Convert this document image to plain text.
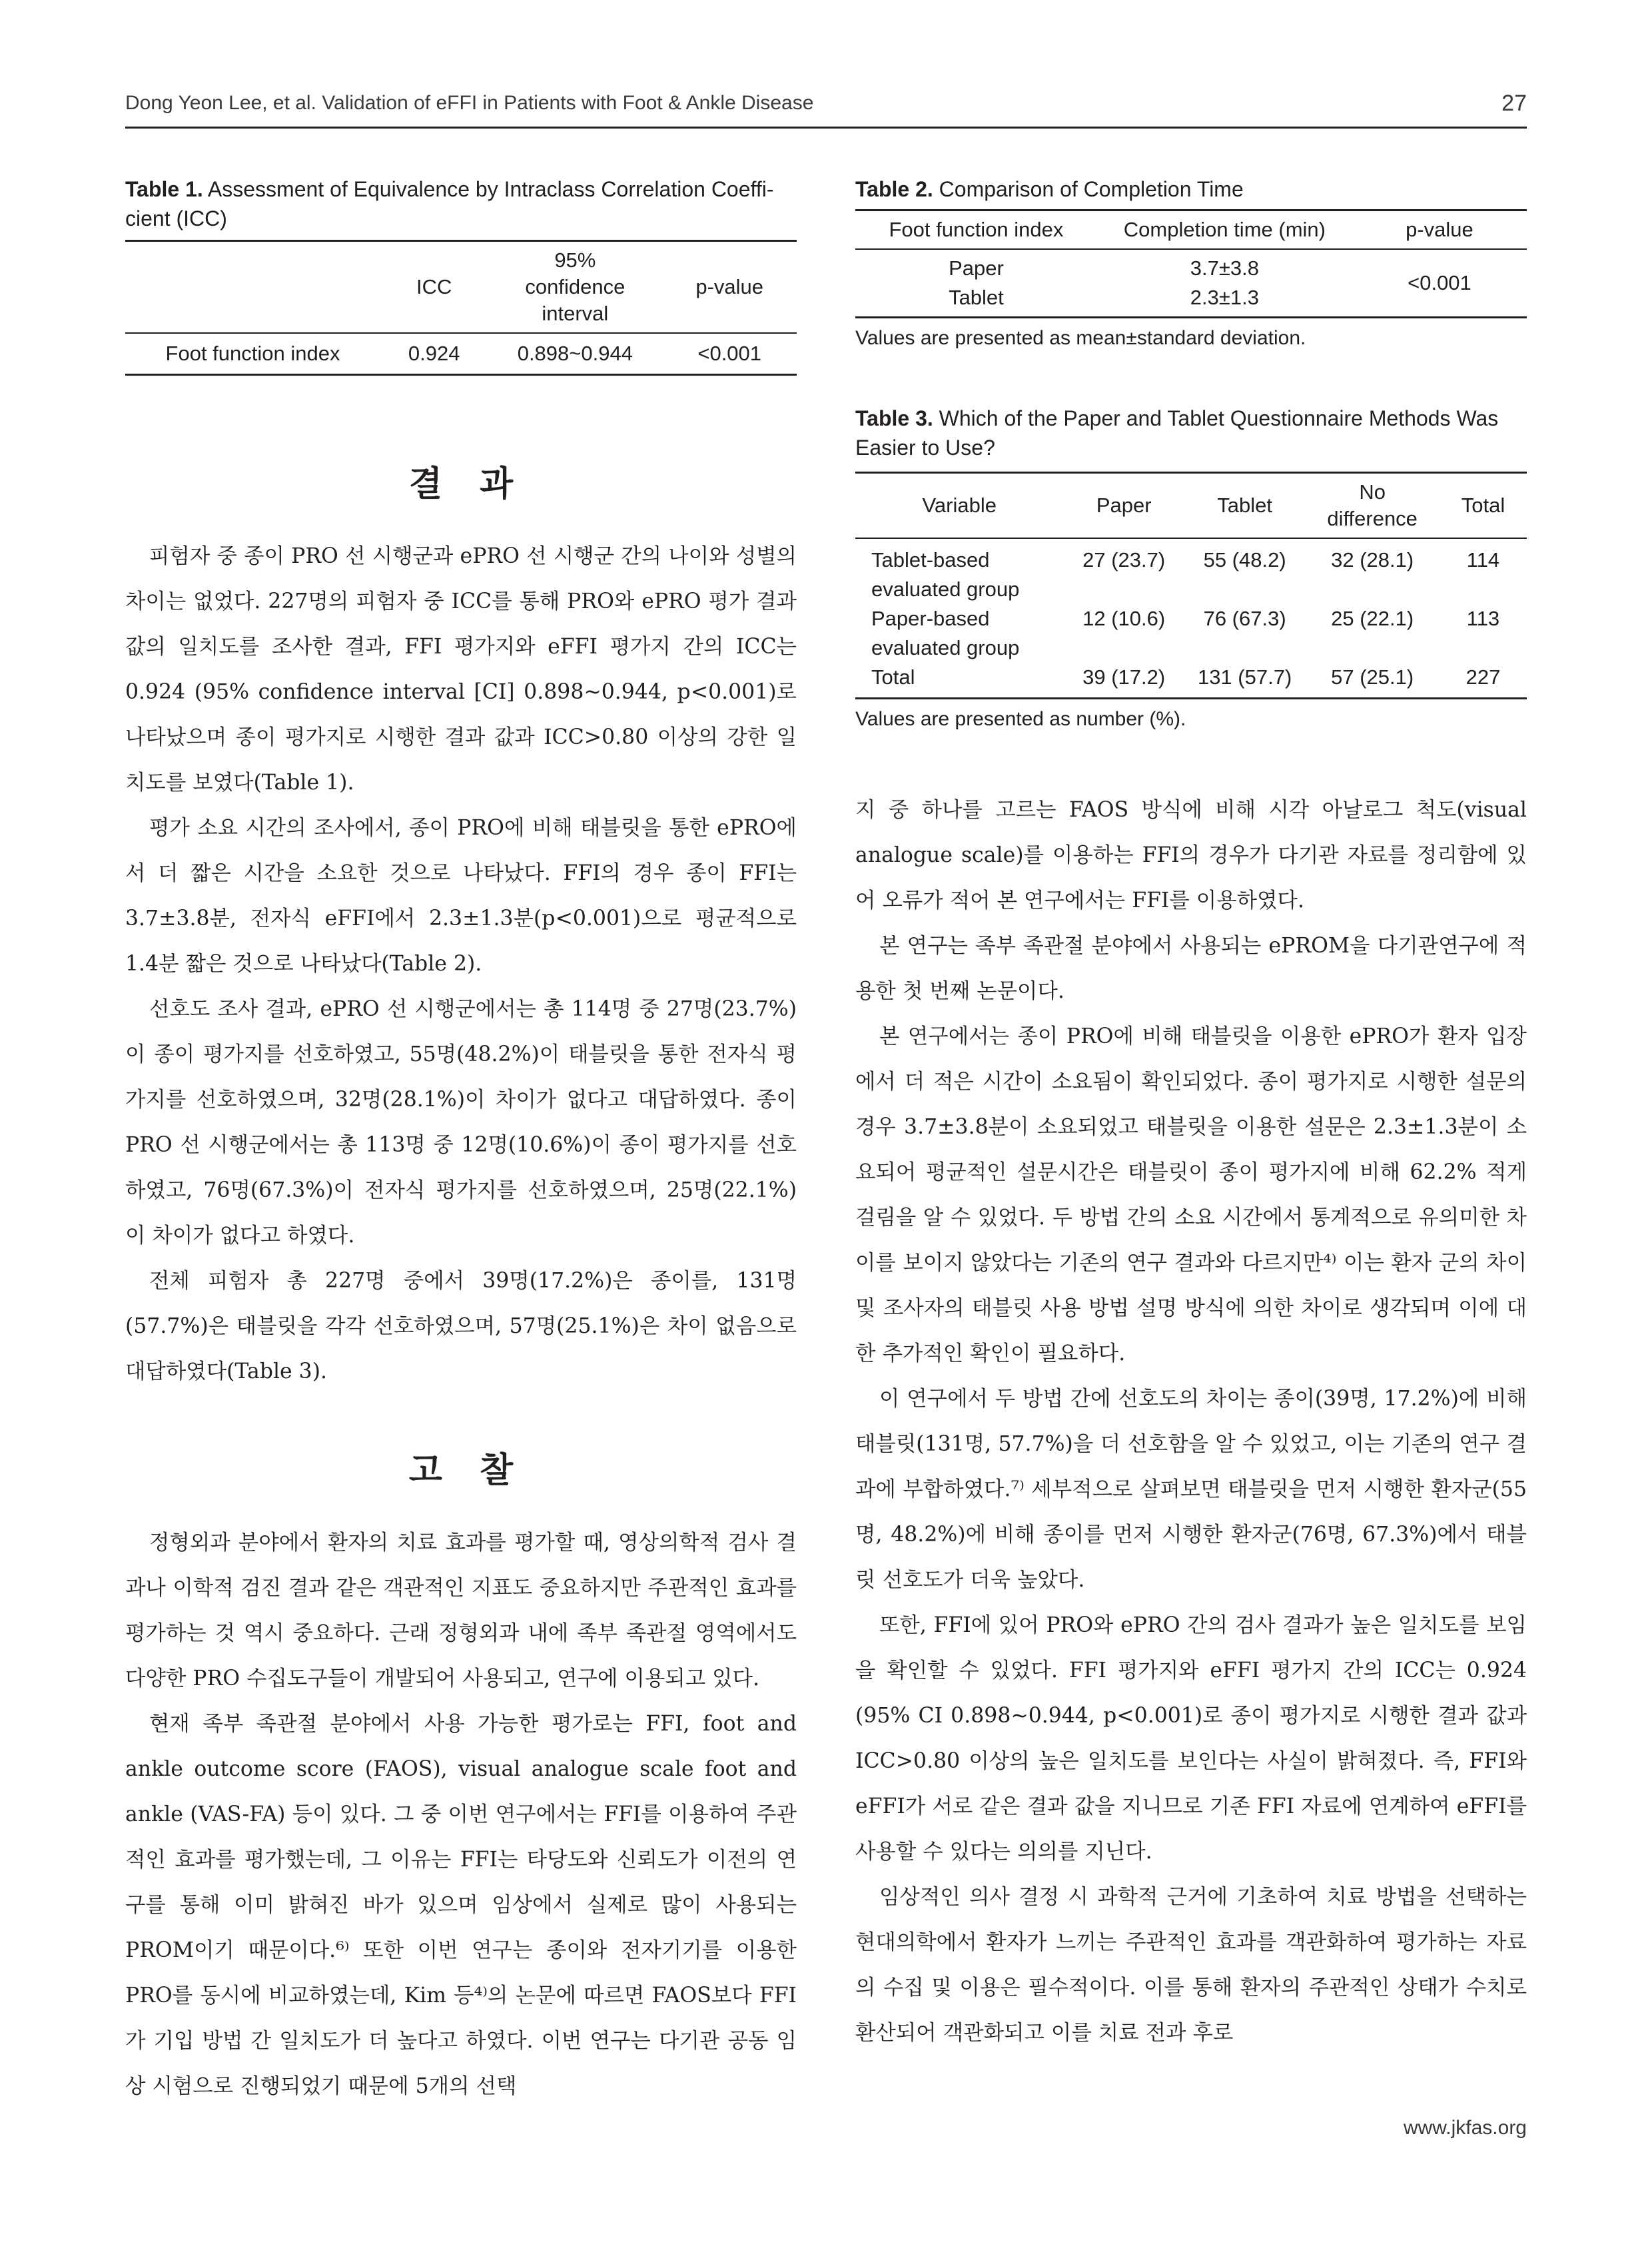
Dong Yeon Lee, et al. Validation of eFFI in Patients with Foot & Ankle Disease	27
Table 1. Assessment of Equivalence by Intraclass Correlation Coeffi-cient (ICC)
	ICC	95% confidence interval	p-value
Foot function index	0.924	0.898~0.944	<0.001
결 과

피험자 중 종이 PRO 선 시행군과 ePRO 선 시행군 간의 나이와 성별의 차이는 없었다. 227명의 피험자 중 ICC를 통해 PRO와 ePRO 평가 결과 값의 일치도를 조사한 결과, FFI 평가지와 eFFI 평가지 간의 ICC는 0.924 (95% confidence interval [CI] 0.898~0.944, p<0.001)로 나타났으며 종이 평가지로 시행한 결과 값과 ICC>0.80 이상의 강한 일치도를 보였다(Table 1).

평가 소요 시간의 조사에서, 종이 PRO에 비해 태블릿을 통한 ePRO에서 더 짧은 시간을 소요한 것으로 나타났다. FFI의 경우 종이 FFI는 3.7±3.8분, 전자식 eFFI에서 2.3±1.3분(p<0.001)으로 평균적으로 1.4분 짧은 것으로 나타났다(Table 2).

선호도 조사 결과, ePRO 선 시행군에서는 총 114명 중 27명(23.7%)이 종이 평가지를 선호하였고, 55명(48.2%)이 태블릿을 통한 전자식 평가지를 선호하였으며, 32명(28.1%)이 차이가 없다고 대답하였다. 종이 PRO 선 시행군에서는 총 113명 중 12명(10.6%)이 종이 평가지를 선호하였고, 76명(67.3%)이 전자식 평가지를 선호하였으며, 25명(22.1%)이 차이가 없다고 하였다.

전체 피험자 총 227명 중에서 39명(17.2%)은 종이를, 131명(57.7%)은 태블릿을 각각 선호하였으며, 57명(25.1%)은 차이 없음으로 대답하였다(Table 3).

고 찰

정형외과 분야에서 환자의 치료 효과를 평가할 때, 영상의학적 검사 결과나 이학적 검진 결과 같은 객관적인 지표도 중요하지만 주관적인 효과를 평가하는 것 역시 중요하다. 근래 정형외과 내에 족부 족관절 영역에서도 다양한 PRO 수집도구들이 개발되어 사용되고, 연구에 이용되고 있다.

현재 족부 족관절 분야에서 사용 가능한 평가로는 FFI, foot and ankle outcome score (FAOS), visual analogue scale foot and ankle (VAS-FA) 등이 있다. 그 중 이번 연구에서는 FFI를 이용하여 주관적인 효과를 평가했는데, 그 이유는 FFI는 타당도와 신뢰도가 이전의 연구를 통해 이미 밝혀진 바가 있으며 임상에서 실제로 많이 사용되는 PROM이기 때문이다.⁶⁾ 또한 이번 연구는 종이와 전자기기를 이용한 PRO를 동시에 비교하였는데, Kim 등⁴⁾의 논문에 따르면 FAOS보다 FFI가 기입 방법 간 일치도가 더 높다고 하였다. 이번 연구는 다기관 공동 임상 시험으로 진행되었기 때문에 5개의 선택

Table 2. Comparison of Completion Time
Foot function index	Completion time (min)	p-value
Paper	3.7±3.8	<0.001
Tablet	2.3±1.3	
Values are presented as mean±standard deviation.
Table 3. Which of the Paper and Tablet Questionnaire Methods Was Easier to Use?
Variable	Paper	Tablet	No difference	Total
Tablet-based evaluated group	27 (23.7)	55 (48.2)	32 (28.1)	114
Paper-based evaluated group	12 (10.6)	76 (67.3)	25 (22.1)	113
Total	39 (17.2)	131 (57.7)	57 (25.1)	227
Values are presented as number (%).

지 중 하나를 고르는 FAOS 방식에 비해 시각 아날로그 척도(visual analogue scale)를 이용하는 FFI의 경우가 다기관 자료를 정리함에 있어 오류가 적어 본 연구에서는 FFI를 이용하였다.

본 연구는 족부 족관절 분야에서 사용되는 ePROM을 다기관연구에 적용한 첫 번째 논문이다.

본 연구에서는 종이 PRO에 비해 태블릿을 이용한 ePRO가 환자 입장에서 더 적은 시간이 소요됨이 확인되었다. 종이 평가지로 시행한 설문의 경우 3.7±3.8분이 소요되었고 태블릿을 이용한 설문은 2.3±1.3분이 소요되어 평균적인 설문시간은 태블릿이 종이 평가지에 비해 62.2% 적게 걸림을 알 수 있었다. 두 방법 간의 소요 시간에서 통계적으로 유의미한 차이를 보이지 않았다는 기존의 연구 결과와 다르지만⁴⁾ 이는 환자 군의 차이 및 조사자의 태블릿 사용 방법 설명 방식에 의한 차이로 생각되며 이에 대한 추가적인 확인이 필요하다.

이 연구에서 두 방법 간에 선호도의 차이는 종이(39명, 17.2%)에 비해 태블릿(131명, 57.7%)을 더 선호함을 알 수 있었고, 이는 기존의 연구 결과에 부합하였다.⁷⁾ 세부적으로 살펴보면 태블릿을 먼저 시행한 환자군(55명, 48.2%)에 비해 종이를 먼저 시행한 환자군(76명, 67.3%)에서 태블릿 선호도가 더욱 높았다.

또한, FFI에 있어 PRO와 ePRO 간의 검사 결과가 높은 일치도를 보임을 확인할 수 있었다. FFI 평가지와 eFFI 평가지 간의 ICC는 0.924 (95% CI 0.898~0.944, p<0.001)로 종이 평가지로 시행한 결과 값과 ICC>0.80 이상의 높은 일치도를 보인다는 사실이 밝혀졌다. 즉, FFI와 eFFI가 서로 같은 결과 값을 지니므로 기존 FFI 자료에 연계하여 eFFI를 사용할 수 있다는 의의를 지닌다.

임상적인 의사 결정 시 과학적 근거에 기초하여 치료 방법을 선택하는 현대의학에서 환자가 느끼는 주관적인 효과를 객관화하여 평가하는 자료의 수집 및 이용은 필수적이다. 이를 통해 환자의 주관적인 상태가 수치로 환산되어 객관화되고 이를 치료 전과 후로

www.jkfas.org
